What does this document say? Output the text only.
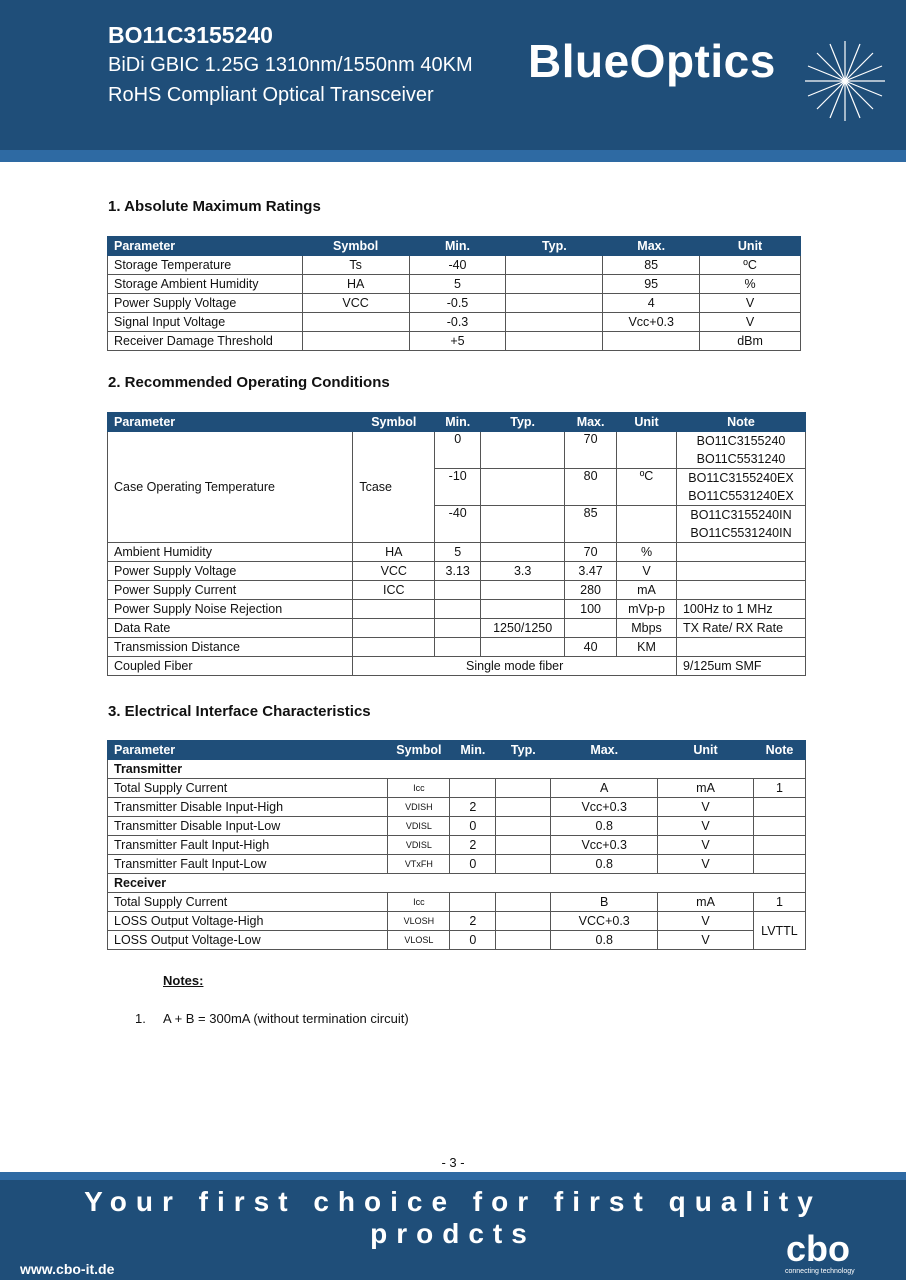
BO11C3155240
BiDi GBIC 1.25G 1310nm/1550nm 40KM
RoHS Compliant Optical Transceiver
BlueOptics
1. Absolute Maximum Ratings
Parameter	Symbol	Min.	Typ.	Max.	Unit
Storage Temperature	Ts	-40		85	ºC
Storage Ambient Humidity	HA	5		95	%
Power Supply Voltage	VCC	-0.5		4	V
Signal Input Voltage		-0.3		Vcc+0.3	V
Receiver Damage Threshold		+5			dBm
2. Recommended Operating Conditions
Parameter	Symbol	Min.	Typ.	Max.	Unit	Note
Case Operating Temperature	Tcase	0		70		BO11C3155240
						BO11C5531240
		-10		80	ºC	BO11C3155240EX
						BO11C5531240EX
		-40		85		BO11C3155240IN
						BO11C5531240IN
Ambient Humidity	HA	5		70	%	
Power Supply Voltage	VCC	3.13	3.3	3.47	V	
Power Supply Current	ICC			280	mA	
Power Supply Noise Rejection				100	mVp-p	100Hz to 1 MHz
Data Rate			1250/1250		Mbps	TX Rate/ RX Rate
Transmission Distance				40	KM	
Coupled Fiber	Single mode fiber					9/125um SMF
3. Electrical Interface Characteristics
Parameter	Symbol	Min.	Typ.	Max.	Unit	Note
Transmitter						
Total Supply Current	Icc			A	mA	1
Transmitter Disable Input-High	VDISH	2		Vcc+0.3	V	
Transmitter Disable Input-Low	VDISL	0		0.8	V	
Transmitter Fault Input-High	VDISL	2		Vcc+0.3	V	
Transmitter Fault Input-Low	VTxFH	0		0.8	V	
Receiver						
Total Supply Current	Icc			B	mA	1
LOSS Output Voltage-High	VLOSH	2		VCC+0.3	V	LVTTL
LOSS Output Voltage-Low	VLOSL	0		0.8	V	
Notes:
1. A + B = 300mA (without termination circuit)
- 3 -
Your first choice for first quality prodcts
www.cbo-it.de	cbo
connecting technology
